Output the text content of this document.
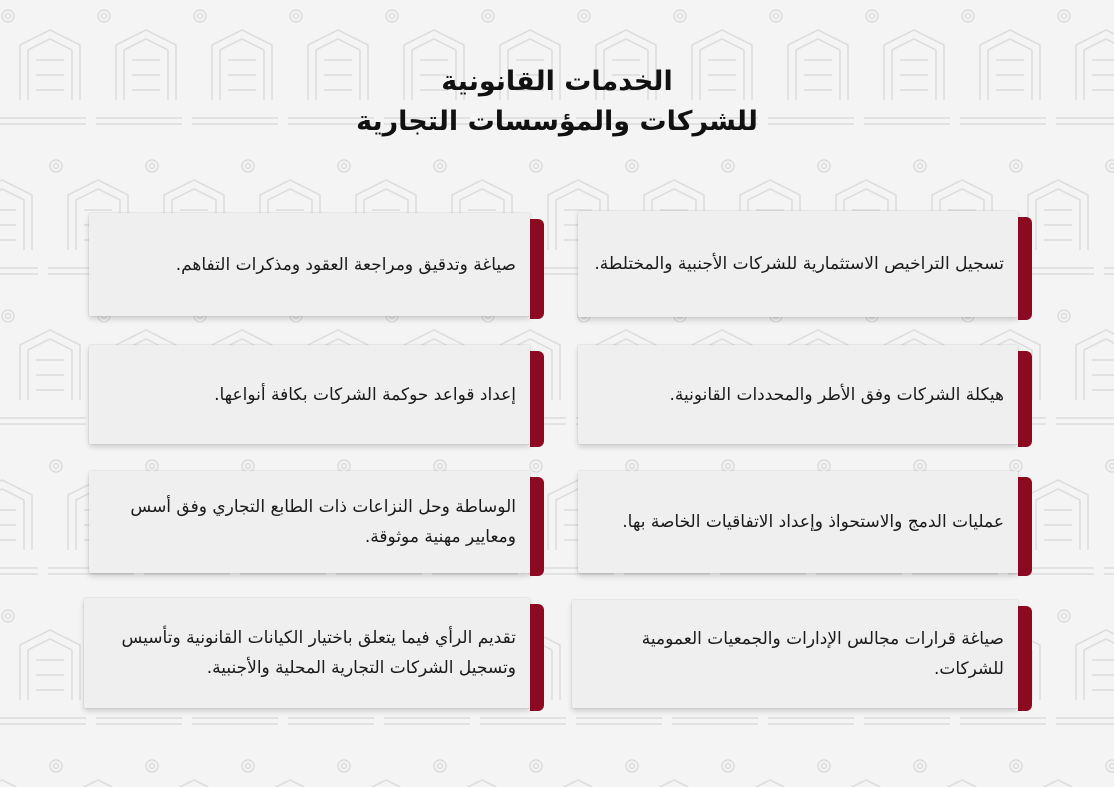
الخدمات القانونية
للشركات والمؤسسات التجارية
تسجيل التراخيص الاستثمارية للشركات الأجنبية والمختلطة.
هيكلة الشركات وفق الأطر والمحددات القانونية.
عمليات الدمج والاستحواذ وإعداد الاتفاقيات الخاصة بها.
صياغة قرارات مجالس الإدارات والجمعيات العمومية للشركات.
صياغة وتدقيق ومراجعة العقود ومذكرات التفاهم.
إعداد قواعد حوكمة الشركات بكافة أنواعها.
الوساطة وحل النزاعات ذات الطابع التجاري وفق أسس ومعايير مهنية موثوقة.
تقديم الرأي فيما يتعلق باختيار الكيانات القانونية وتأسيس وتسجيل الشركات التجارية المحلية والأجنبية.
